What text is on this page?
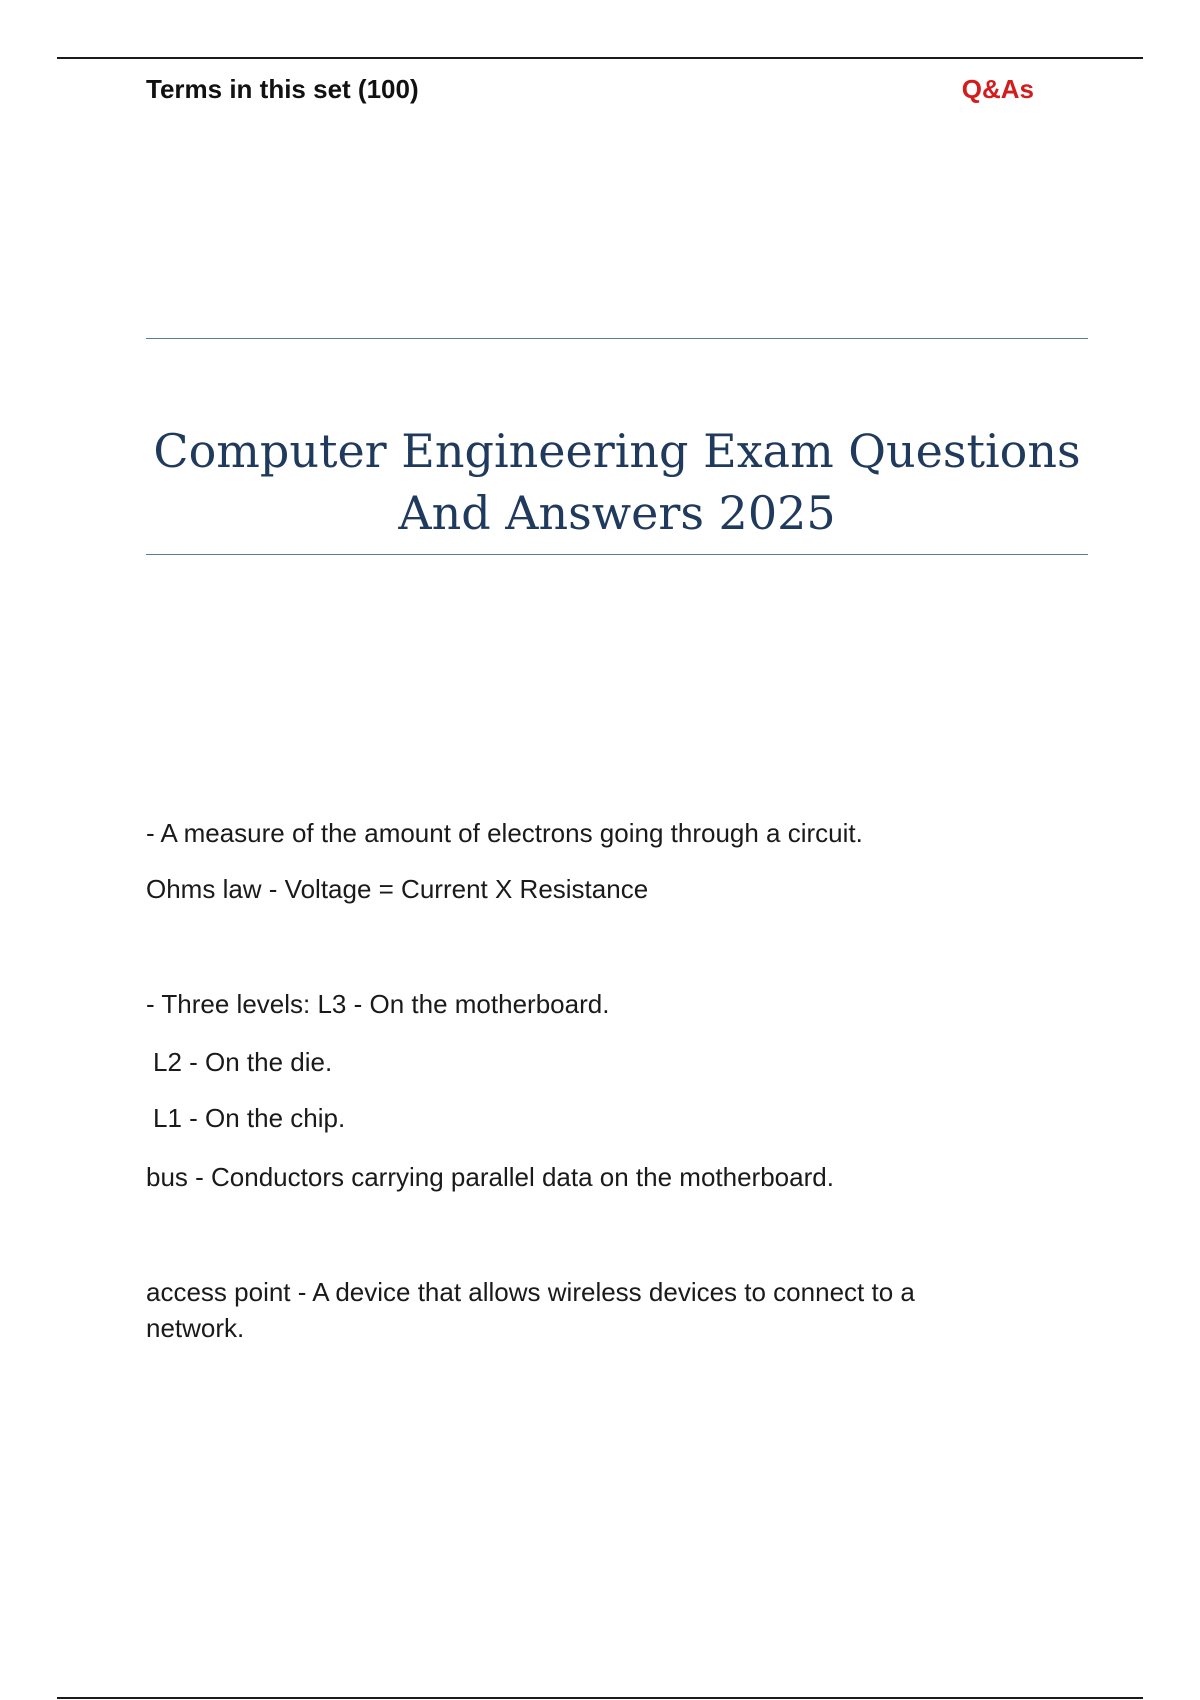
Terms in this set (100)	Q&As
Computer Engineering Exam Questions
And Answers 2025

- A measure of the amount of electrons going through a circuit.

Ohms law - Voltage = Current X Resistance

- Three levels: L3 - On the motherboard.

L2 - On the die.

L1 - On the chip.

bus - Conductors carrying parallel data on the motherboard.

access point - A device that allows wireless devices to connect to a network.
